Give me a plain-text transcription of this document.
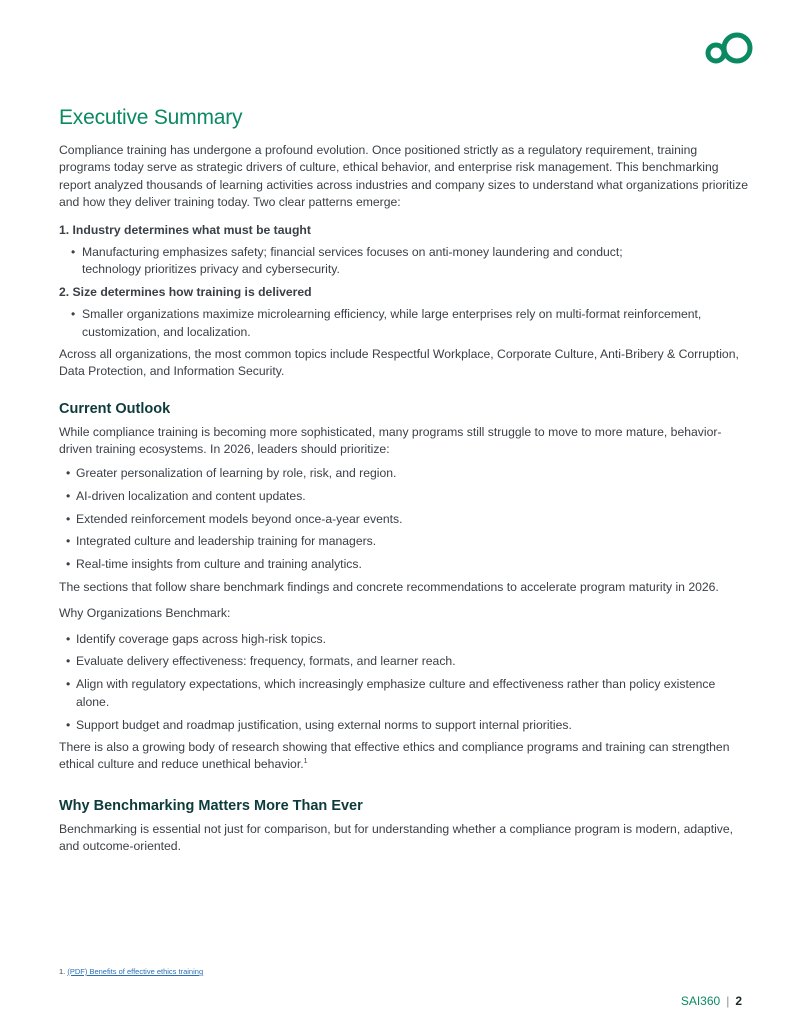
Executive Summary

Compliance training has undergone a profound evolution. Once positioned strictly as a regulatory requirement, training programs today serve as strategic drivers of culture, ethical behavior, and enterprise risk management. This benchmarking report analyzed thousands of learning activities across industries and company sizes to understand what organizations prioritize and how they deliver training today. Two clear patterns emerge:

1. Industry determines what must be taught

• Manufacturing emphasizes safety; financial services focuses on anti-money laundering and conduct;

technology prioritizes privacy and cybersecurity.

2. Size determines how training is delivered

• Smaller organizations maximize microlearning efficiency, while large enterprises rely on multi-format reinforcement,

customization, and localization.

Across all organizations, the most common topics include Respectful Workplace, Corporate Culture, Anti-Bribery & Corruption, Data Protection, and Information Security.

Current Outlook

While compliance training is becoming more sophisticated, many programs still struggle to move to more mature, behavior-driven training ecosystems. In 2026, leaders should prioritize:

• Greater personalization of learning by role, risk, and region.
• AI-driven localization and content updates.
• Extended reinforcement models beyond once-a-year events.
• Integrated culture and leadership training for managers.
• Real-time insights from culture and training analytics.

The sections that follow share benchmark findings and concrete recommendations to accelerate program maturity in 2026.

Why Organizations Benchmark:

• Identify coverage gaps across high-risk topics.
• Evaluate delivery effectiveness: frequency, formats, and learner reach.
• Align with regulatory expectations, which increasingly emphasize culture and effectiveness rather than policy existence alone.
• Support budget and roadmap justification, using external norms to support internal priorities.

There is also a growing body of research showing that effective ethics and compliance programs and training can strengthen ethical culture and reduce unethical behavior.$^1$

Why Benchmarking Matters More Than Ever

Benchmarking is essential not just for comparison, but for understanding whether a compliance program is modern, adaptive, and outcome-oriented.

1. (PDF) Benefits of effective ethics training
SAI360 | 2
